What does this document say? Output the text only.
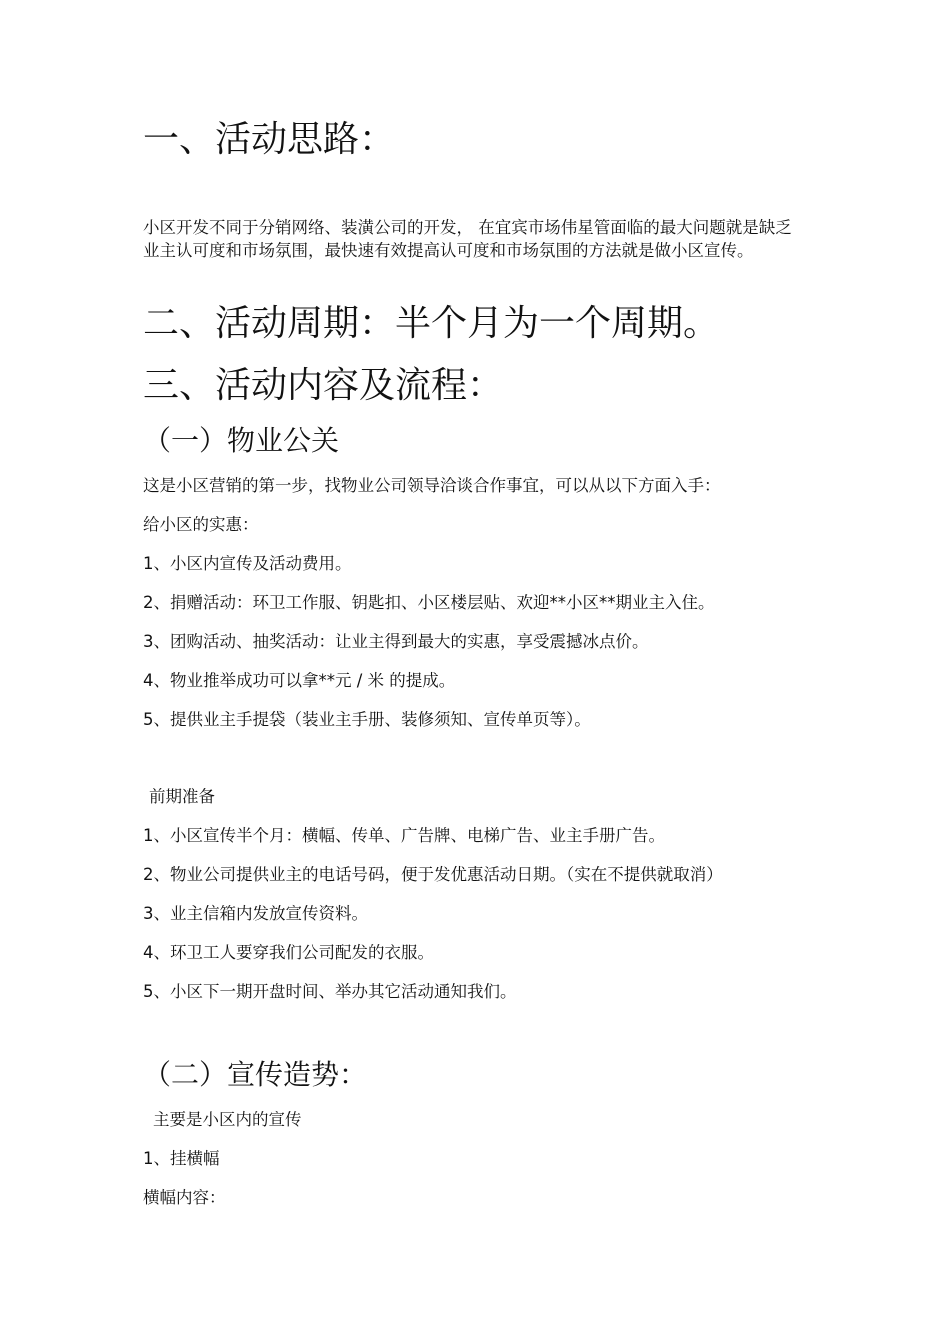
一、活动思路：

小区开发不同于分销网络、装潢公司的开发， 在宜宾市场伟星管面临的最大问题就是缺乏业主认可度和市场氛围，最快速有效提高认可度和市场氛围的方法就是做小区宣传。

二、活动周期：半个月为一个周期。
三、活动内容及流程：
（一）物业公关

这是小区营销的第一步，找物业公司领导洽谈合作事宜，可以从以下方面入手：

给小区的实惠：

1、小区内宣传及活动费用。

2、捐赠活动：环卫工作服、钥匙扣、小区楼层贴、欢迎**小区**期业主入住。

3、团购活动、抽奖活动：让业主得到最大的实惠，享受震撼冰点价。

4、物业推举成功可以拿**元 / 米 的提成。

5、提供业主手提袋（装业主手册、装修须知、宣传单页等）。

前期准备

1、小区宣传半个月：横幅、传单、广告牌、电梯广告、业主手册广告。

2、物业公司提供业主的电话号码，便于发优惠活动日期。（实在不提供就取消）

3、业主信箱内发放宣传资料。

4、环卫工人要穿我们公司配发的衣服。

5、小区下一期开盘时间、举办其它活动通知我们。

（二）宣传造势：

主要是小区内的宣传

1、挂横幅

横幅内容：
